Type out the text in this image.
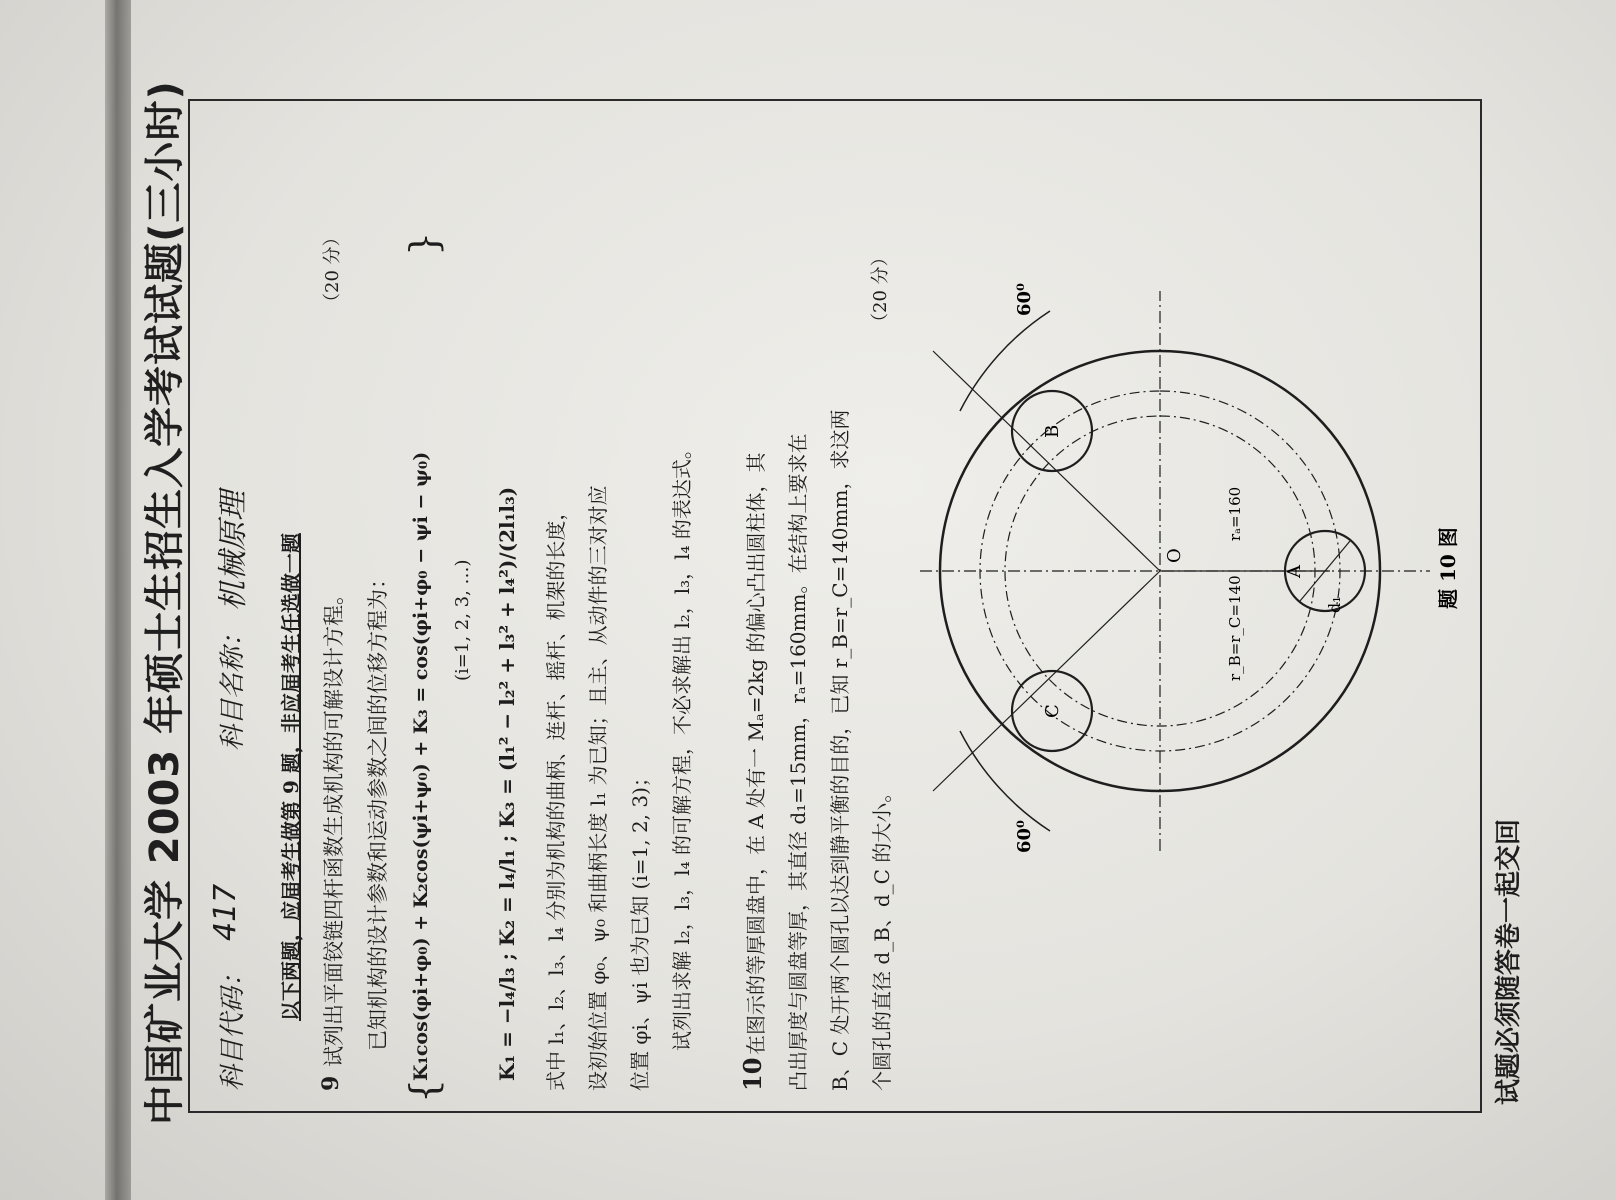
中国矿业大学 2003 年硕士生招生入学考试试题(三小时) 科目代码：

417

科目名称：

机械原理 以下两题，应届考生做第 9 题，非应届考生任选做一题

9

试列出平面铰链四杆函数生成机构的可解设计方程。

（20 分）

已知机构的设计参数和运动参数之间的位移方程为：

{

K₁cos(φi+φ₀) + K₂cos(ψi+ψ₀) + K₃ = cos(φi+φ₀ − ψi − ψ₀) (i=1, 2, 3, …)

}

K₁ = −l₄/l₃ ; K₂ = l₄/l₁ ; K₃ = (l₁² − l₂² + l₃² + l₄²)/(2l₁l₃) 式中 l₁、l₂、l₃、l₄ 分别为机构的曲柄、连杆、摇杆、机架的长度， 设初始位置 φ₀、ψ₀ 和曲柄长度 l₁ 为已知；且主、从动件的三对对应 位置 φi、ψi 也为已知 (i=1, 2, 3)； 试列出求解 l₂，l₃，l₄ 的可解方程，不必求解出 l₂，l₃，l₄ 的表达式。

10

在图示的等厚圆盘中，在 A 处有一 Mₐ=2kg 的偏心凸出圆柱体，其 凸出厚度与圆盘等厚，其直径 d₁=15mm，rₐ=160mm。在结构上要求在 B、C 处开两个圆孔以达到静平衡的目的，已知 r_B=r_C=140mm，求这两 个圆孔的直径 d_B、d_C 的大小。

（20 分）

A
C
B
O
d₁
60⁰
60⁰
rₐ=160
r_B=r_C=140
题 10 图

试题必须随答卷一起交回
